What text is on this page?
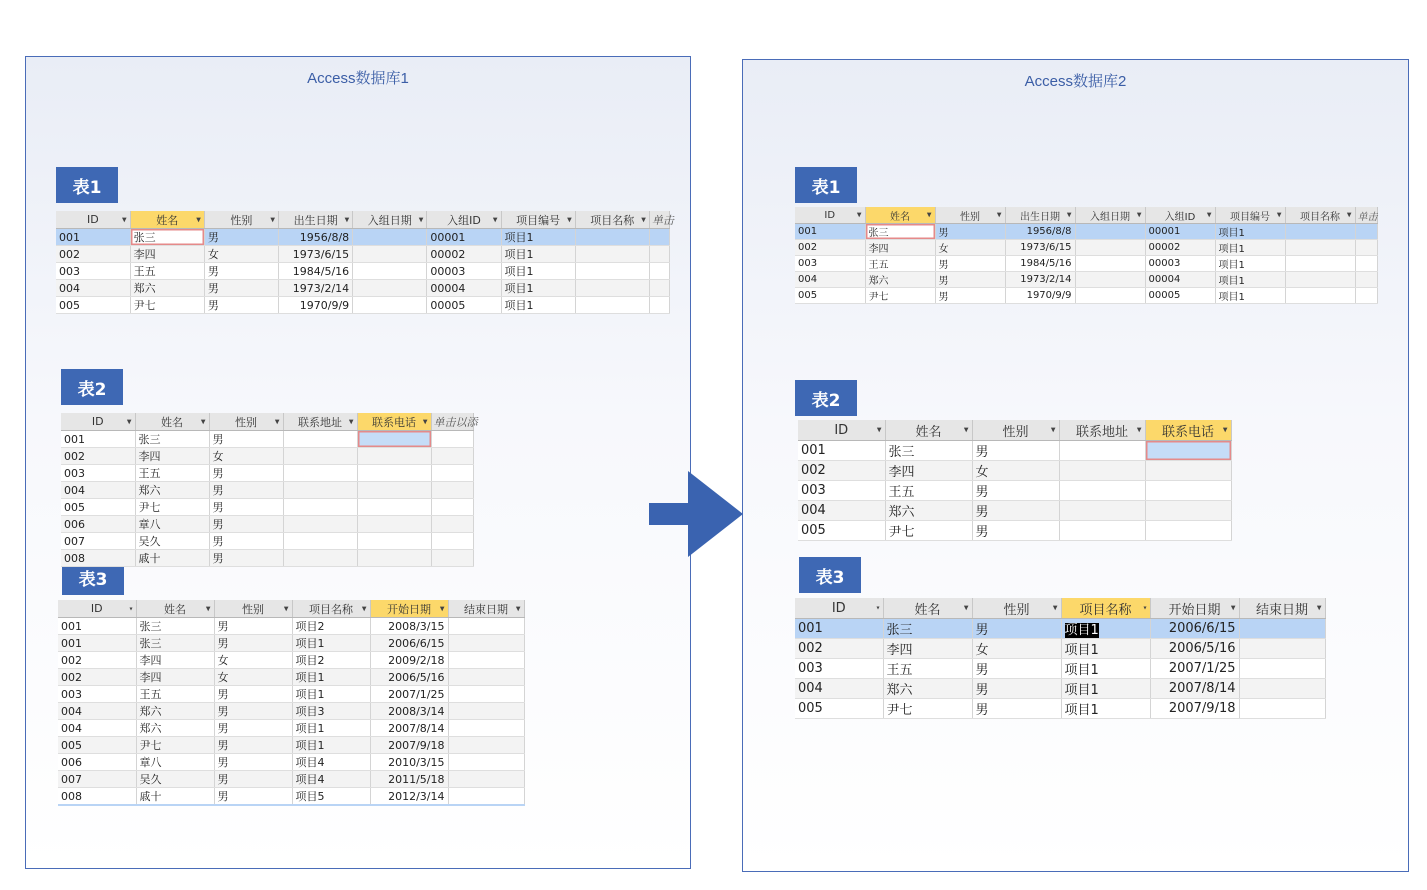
Access数据库1	Access数据库2
表1
表2
表3
表1
表2
表3
ID ▼	姓名 ▼	性别 ▼	出生日期 ▼	入组日期 ▼	入组ID ▼	项目编号 ▼	项目名称 ▼	单击
001	张三	男	1956/8/8		00001	项目1		
002	李四	女	1973/6/15		00002	项目1		
003	王五	男	1984/5/16		00003	项目1		
004	郑六	男	1973/2/14		00004	项目1		
005	尹七	男	1970/9/9		00005	项目1		
ID ▼	姓名 ▼	性别 ▼	联系地址 ▼	联系电话 ▼	单击以添
001	张三	男			
002	李四	女			
003	王五	男			
004	郑六	男			
005	尹七	男			
006	章八	男			
007	吴久	男			
008	戚十	男			
ID ▾	姓名 ▼	性别 ▼	项目名称 ▼	开始日期 ▼	结束日期 ▼

001	张三	男	项目2	2008/3/15	
001	张三	男	项目1	2006/6/15	
002	李四	女	项目2	2009/2/18	
002	李四	女	项目1	2006/5/16	
003	王五	男	项目1	2007/1/25	
004	郑六	男	项目3	2008/3/14	
004	郑六	男	项目1	2007/8/14	
005	尹七	男	项目1	2007/9/18	
006	章八	男	项目4	2010/3/15	
007	吴久	男	项目4	2011/5/18	
008	戚十	男	项目5	2012/3/14	
ID ▼	姓名 ▼	性别 ▼	出生日期 ▼	入组日期 ▼	入组ID ▼	项目编号 ▼	项目名称 ▼	单击
001	张三	男	1956/8/8		00001	项目1		
002	李四	女	1973/6/15		00002	项目1		
003	王五	男	1984/5/16		00003	项目1		
004	郑六	男	1973/2/14		00004	项目1		
005	尹七	男	1970/9/9		00005	项目1		
ID ▼	姓名 ▼	性别 ▼	联系地址 ▼	联系电话 ▼

001	张三	男		
002	李四	女		
003	王五	男		
004	郑六	男		
005	尹七	男		
ID ▾	姓名 ▼	性别 ▼	项目名称 ▾	开始日期 ▼	结束日期 ▼

001	张三	男	项目1	2006/6/15	
002	李四	女	项目1	2006/5/16	
003	王五	男	项目1	2007/1/25	
004	郑六	男	项目1	2007/8/14	
005	尹七	男	项目1	2007/9/18	
